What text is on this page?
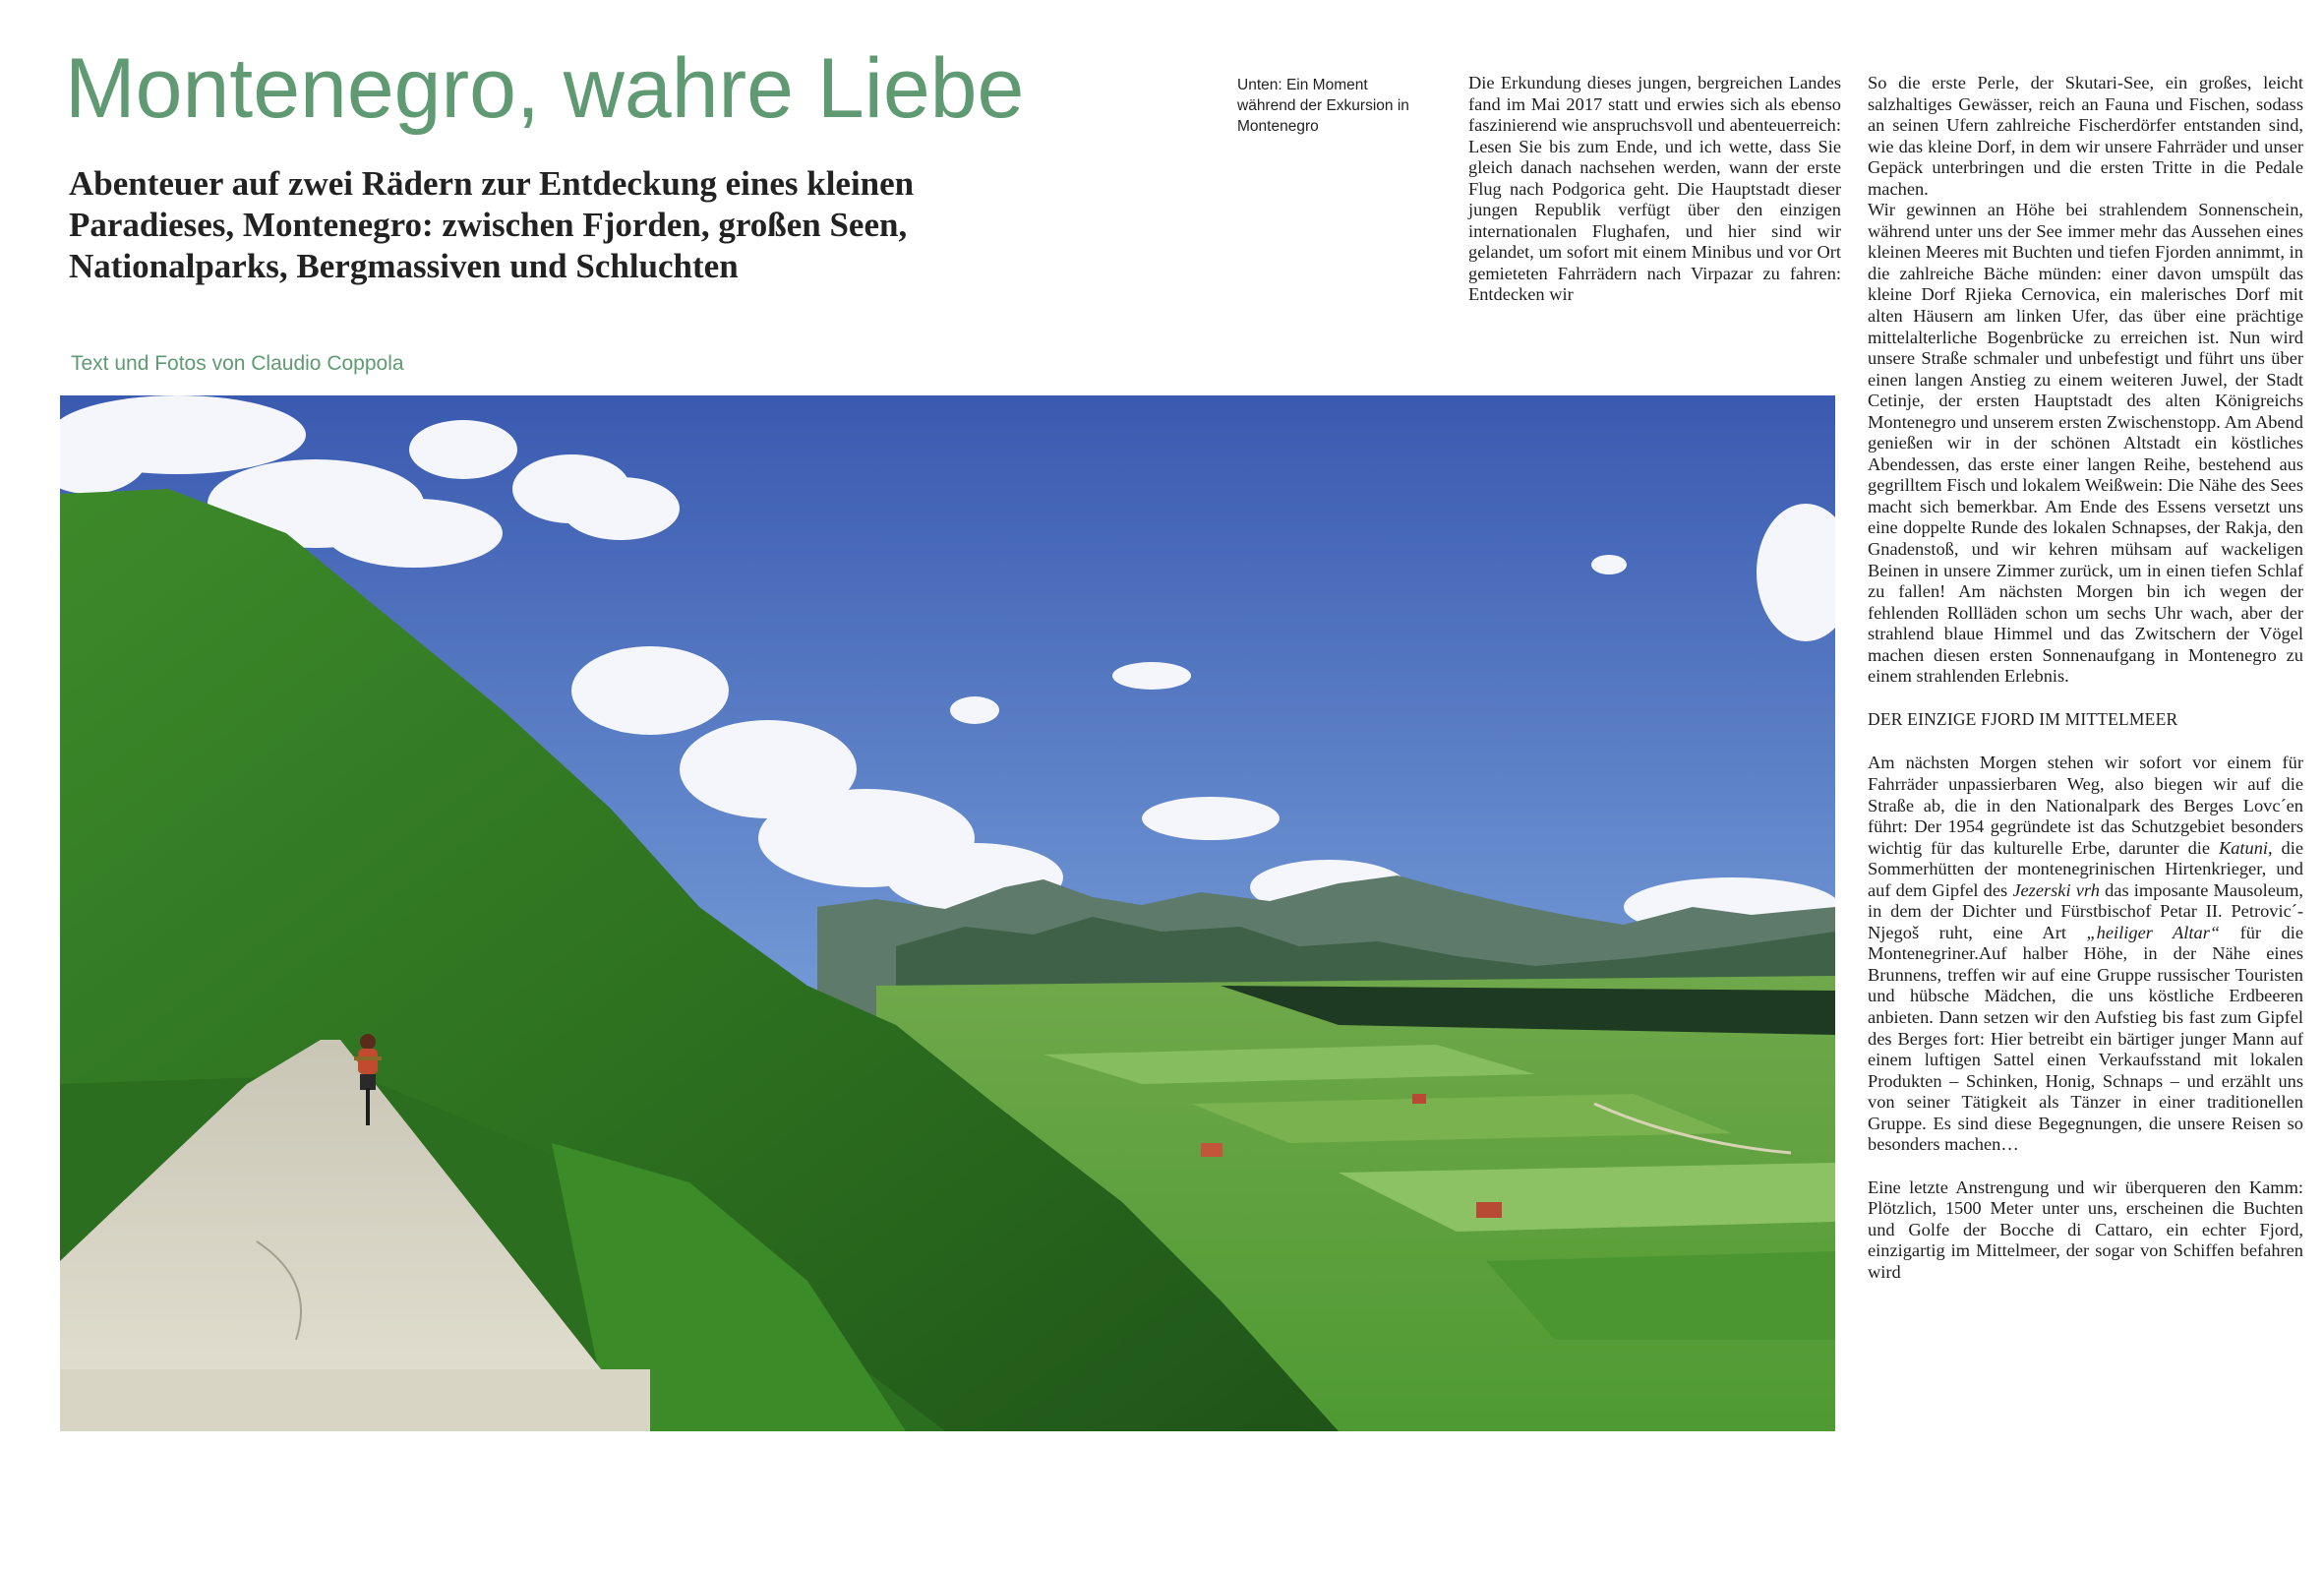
Montenegro, wahre Liebe
Abenteuer auf zwei Rädern zur Entdeckung eines kleinen Paradieses, Montenegro: zwischen Fjorden, großen Seen, Nationalparks, Bergmassiven und Schluchten

Text und Fotos von Claudio Coppola

Unten: Ein Moment während der Exkursion in Montenegro

Die Erkundung dieses jungen, bergreichen Landes fand im Mai 2017 statt und erwies sich als ebenso faszinierend wie anspruchsvoll und abenteuerreich: Lesen Sie bis zum Ende, und ich wette, dass Sie gleich danach nachsehen werden, wann der erste Flug nach Podgorica geht. Die Hauptstadt dieser jungen Republik verfügt über den einzigen internationalen Flughafen, und hier sind wir gelandet, um sofort mit einem Minibus und vor Ort gemieteten Fahrrädern nach Virpazar zu fahren: Entdecken wir

So die erste Perle, der Skutari-See, ein großes, leicht salzhaltiges Gewässer, reich an Fauna und Fischen, sodass an seinen Ufern zahlreiche Fischerdörfer entstanden sind, wie das kleine Dorf, in dem wir unsere Fahrräder und unser Gepäck unterbringen und die ersten Tritte in die Pedale machen.

Wir gewinnen an Höhe bei strahlendem Sonnenschein, während unter uns der See immer mehr das Aussehen eines kleinen Meeres mit Buchten und tiefen Fjorden annimmt, in die zahlreiche Bäche münden: einer davon umspült das kleine Dorf Rjieka Cernovica, ein malerisches Dorf mit alten Häusern am linken Ufer, das über eine prächtige mittelalterliche Bogenbrücke zu erreichen ist. Nun wird unsere Straße schmaler und unbefestigt und führt uns über einen langen Anstieg zu einem weiteren Juwel, der Stadt Cetinje, der ersten Hauptstadt des alten Königreichs Montenegro und unserem ersten Zwischenstopp. Am Abend genießen wir in der schönen Altstadt ein köstliches Abendessen, das erste einer langen Reihe, bestehend aus gegrilltem Fisch und lokalem Weißwein: Die Nähe des Sees macht sich bemerkbar. Am Ende des Essens versetzt uns eine doppelte Runde des lokalen Schnapses, der Rakja, den Gnadenstoß, und wir kehren mühsam auf wackeligen Beinen in unsere Zimmer zurück, um in einen tiefen Schlaf zu fallen! Am nächsten Morgen bin ich wegen der fehlenden Rollläden schon um sechs Uhr wach, aber der strahlend blaue Himmel und das Zwitschern der Vögel machen diesen ersten Sonnenaufgang in Montenegro zu einem strahlenden Erlebnis.

DER EINZIGE FJORD IM MITTELMEER

Am nächsten Morgen stehen wir sofort vor einem für Fahrräder unpassierbaren Weg, also biegen wir auf die Straße ab, die in den Nationalpark des Berges Lovc´en führt: Der 1954 gegründete ist das Schutzgebiet besonders wichtig für das kulturelle Erbe, darunter die Katuni, die Sommerhütten der montenegrinischen Hirtenkrieger, und auf dem Gipfel des Jezerski vrh das imposante Mausoleum, in dem der Dichter und Fürstbischof Petar II. Petrovic´-Njegoš ruht, eine Art „heiliger Altar“ für die Montenegriner.Auf halber Höhe, in der Nähe eines Brunnens, treffen wir auf eine Gruppe russischer Touristen und hübsche Mädchen, die uns köstliche Erdbeeren anbieten. Dann setzen wir den Aufstieg bis fast zum Gipfel des Berges fort: Hier betreibt ein bärtiger junger Mann auf einem luftigen Sattel einen Verkaufsstand mit lokalen Produkten – Schinken, Honig, Schnaps – und erzählt uns von seiner Tätigkeit als Tänzer in einer traditionellen Gruppe. Es sind diese Begegnungen, die unsere Reisen so besonders machen…

Eine letzte Anstrengung und wir überqueren den Kamm: Plötzlich, 1500 Meter unter uns, erscheinen die Buchten und Golfe der Bocche di Cattaro, ein echter Fjord, einzigartig im Mittelmeer, der sogar von Schiffen befahren wird
